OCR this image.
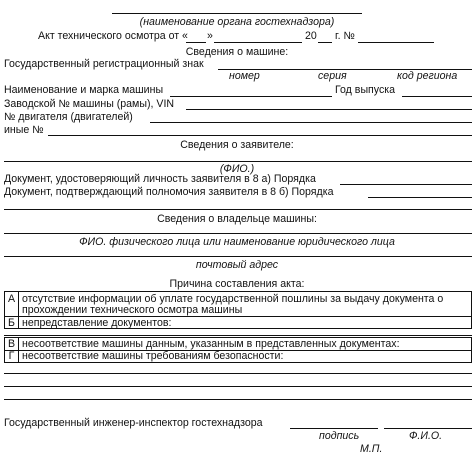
(наименование органа гостехнадзора)
Акт технического осмотра от « »	20 г. №
Сведения о машине:
Государственный регистрационный знак
номер	серия	код региона
Наименование и марка машины	Год выпуска
Заводской № машины (рамы), VIN
№ двигателя (двигателей)
иные №
Сведения о заявителе:
(ФИО.)
Документ, удостоверяющий личность заявителя в 8 а) Порядка
Документ, подтверждающий полномочия заявителя в 8 б) Порядка
Сведения о владельце машины:
ФИО. физического лица или наименование юридического лица
почтовый адрес
Причина составления акта:
А отсутствие информации об уплате государственной пошлины за выдачу документа о
прохождении технического осмотра машины
Б непредставление документов:
В несоответствие машины данным, указанным в представленных документах:
Г несоответствие машины требованиям безопасности:
Государственный инженер-инспектор гостехнадзора
подпись	Ф.И.О.
М.П.
